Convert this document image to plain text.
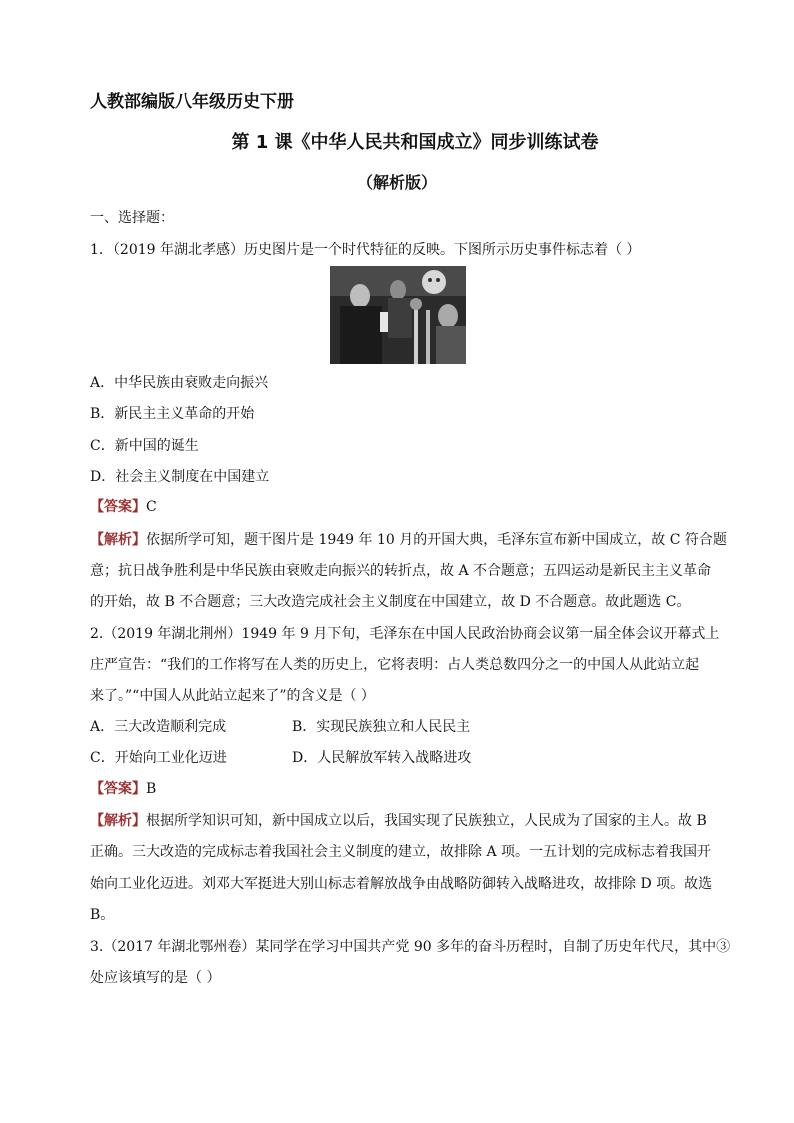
人教部编版八年级历史下册
第 1 课《中华人民共和国成立》同步训练试卷
（解析版）
一、选择题：
1．（2019 年湖北孝感）历史图片是一个时代特征的反映。下图所示历史事件标志着（ ）
A．中华民族由衰败走向振兴
B．新民主主义革命的开始
C．新中国的诞生
D．社会主义制度在中国建立
【答案】C
【解析】依据所学可知，题干图片是 1949 年 10 月的开国大典，毛泽东宣布新中国成立，故 C 符合题
意；抗日战争胜利是中华民族由衰败走向振兴的转折点，故 A 不合题意；五四运动是新民主主义革命
的开始，故 B 不合题意；三大改造完成社会主义制度在中国建立，故 D 不合题意。故此题选 C。
2.（2019 年湖北荆州）1949 年 9 月下旬，毛泽东在中国人民政治协商会议第一届全体会议开幕式上
庄严宣告：“我们的工作将写在人类的历史上，它将表明：占人类总数四分之一的中国人从此站立起
来了。”“中国人从此站立起来了”的含义是（ ）
A．三大改造顺利完成	B．实现民族独立和人民民主
C．开始向工业化迈进	D．人民解放军转入战略进攻
【答案】B
【解析】根据所学知识可知，新中国成立以后，我国实现了民族独立，人民成为了国家的主人。故 B
正确。三大改造的完成标志着我国社会主义制度的建立，故排除 A 项。一五计划的完成标志着我国开
始向工业化迈进。刘邓大军挺进大别山标志着解放战争由战略防御转入战略进攻，故排除 D 项。故选
B。
3.（2017 年湖北鄂州卷）某同学在学习中国共产党 90 多年的奋斗历程时，自制了历史年代尺，其中③
处应该填写的是（ ）
